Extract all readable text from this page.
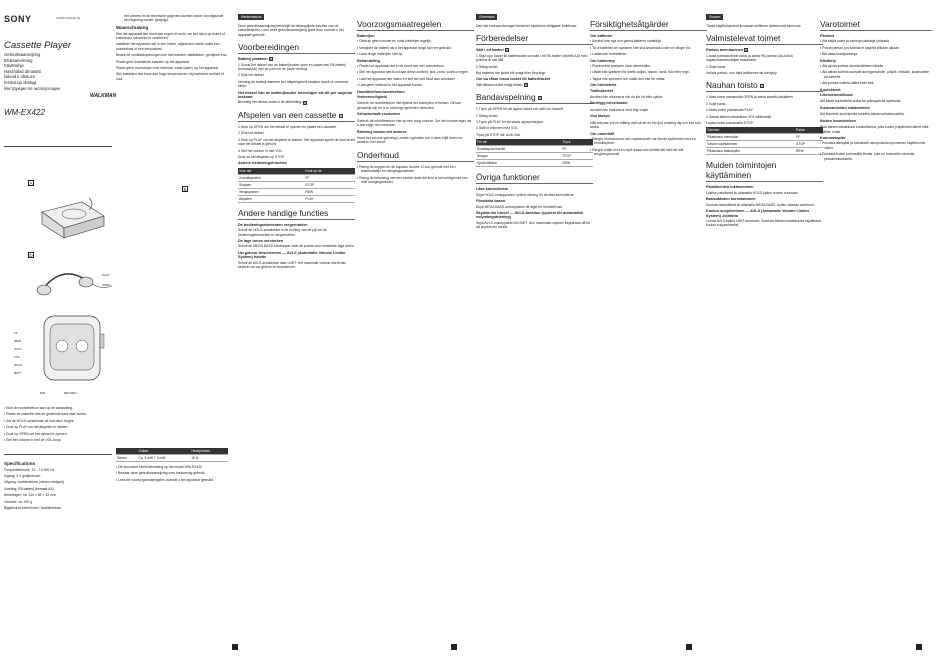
SONY	3-XXX-XXX-11 (1)
Cassette Player
Gebruiksaanwijzing
Bruksanvisning
Käyttöohje
Használati útmutató
Návod k obsluze
Instrukcja obsługi
Инструкция по эксплуатации
WALKMAN
WM-EX422
A
B
D
PLAY
OPEN
FF
REW
AVLS
VOL
HOLD
BATT
DIR	RETURN

• Sluit de hoofdtelefoon aan op de aansluiting.

• Plaats de cassette met de gewenste kant naar boven.

• Zet de HOLD-schakelaar uit voordat u begint.

• Druk op PLAY om het afspelen te starten.

• Druk op OPEN om het deksel te openen.

• Stel het volume in met de VOL-knop.

Specifications

Frequentiebereik: 70 – 14 000 Hz

Ingang: 3 V gelijkstroom

Uitgang: hoofdtelefoon (stereo minijack)

Voeding: R6-batterij (formaat AA)

Afmetingen: ca. 114 × 84 × 33 mm

Gewicht: ca. 200 g

Bijgeleverd toebehoren: hoofdtelefoon

Het ontwerp en de technische gegevens kunnen zonder voorafgaande kennisgeving worden gewijzigd.

Waarschuwing

Stel het apparaat niet bloot aan regen of vocht, om het risico op brand of elektrische schokken te verkleinen.

Installeer het apparaat niet in een kleine, afgesloten ruimte zoals een boekenkast of een inbouwkast.

Bedek de ventilatieopeningen niet met kranten, tafelkleden, gordijnen enz.

Plaats geen brandende kaarsen op het apparaat.

Plaats geen voorwerpen met vloeistof, zoals vazen, op het apparaat.

Stel batterijen niet bloot aan hoge temperaturen, bijvoorbeeld zonlicht of vuur.

	Output	Headphones
Stereo	Ca. 3 mW + 3 mW	16 Ω

• Dit document heeft betrekking op het model WM-EX422.

• Bewaar deze gebruiksaanwijzing voor toekomstig gebruik.

• Lees de voorzorgsmaatregelen voordat u het apparaat gebruikt.

Nederlands

Deze gebruiksaanwijzing beschrijft de belangrijkste functies van de cassettespeler. Lees deze gebruiksaanwijzing goed door voordat u het apparaat gebruikt.

Voorbereidingen
Batterij plaatsen A

1 Schuif het deksel van de batterijhouder open en plaats een R6-batterij (formaat AA) met de polen in de juiste richting.

2 Sluit het deksel.

Vervang de batterij wanneer het afspeelgeluid zwakker wordt of vervormd klinkt.

Het deksel van de batterijhouder bevestigen als dit per ongeluk loskomt

Bevestig het deksel zoals in de afbeelding. B

Afspelen van een cassette C

1 Druk op OPEN om het deksel te openen en plaats een cassette.

2 Sluit het deksel.

3 Druk op PLAY om het afspelen te starten. Het apparaat speelt de kant af die naar het deksel is gericht.

4 Stel het volume in met VOL.

Druk na het afspelen op STOP.

Andere bedieningsfuncties
Voor het	Druk op de
Vooruitspoelen	FF
Stoppen	STOP
Terugspoelen	REW
Afspelen	PLAY
Andere handige functies
De bedieningselementen vergrendelen

Schuif de HOLD-schakelaar in de richting van de pijl om de bedieningselementen te vergrendelen.

De lage tonen versterken

Schuif de MEGA BASS-schakelaar naar de positie voor versterkte lage tonen.

Uw gehoor beschermen — AVLS (Automatic Volume Limiter System) functie

Schuif de AVLS-schakelaar naar LIMIT. Het maximale volume wordt dan beperkt om uw gehoor te beschermen.

Voorzorgsmaatregelen
Batterijen

• Gebruik geen nieuwe en oude batterijen tegelijk.

• Verwijder de batterij als u het apparaat lange tijd niet gebruikt.

• Laad droge batterijen niet op.

Behandeling

• Plaats het apparaat niet in de buurt van een warmtebron.

• Stel het apparaat niet bloot aan direct zonlicht, stof, zand, vocht of regen.

• Laat het apparaat niet vallen en stel het niet bloot aan schokken.

• Laat geen vloeistof in het apparaat komen.

Hoofdtelefoon/oortelefoon

Verkeersveiligheid

Gebruik de hoofdtelefoon niet tijdens het autorijden of fietsen. Dit kan gevaarlijk zijn en is in sommige gebieden verboden.

Gehoorschade voorkomen

Gebruik de hoofdtelefoon niet op een hoog volume. Zet het volume lager als u last krijgt van oorsuizen.

Rekening houden met anderen

Houd het volume gematigd, zodat u geluiden om u heen blijft horen en anderen niet stoort.

Onderhoud

• Reinig de koppen en de capstan na elke 10 uur gebruik met een wattenstaafje en reinigingsvloeistof.

• Reinig de behuizing met een zachte doek die licht is bevochtigd met een mild reinigingsmiddel.

Svenska

Den här bruksanvisningen beskriver spelarens viktigaste funktioner.

Förberedelser
Sätt i ett batteri A

1 Skjut upp locket till batterifacket och sätt i ett R6-batteri (storlek AA) med polerna åt rätt håll.

2 Stäng locket.

Byt batteriet när ljudet blir svagt eller förvrängt.

Om du råkar lossa locket till batterifacket

Sätt tillbaka locket enligt bilden. B

Bandavspelning C

1 Tryck på OPEN för att öppna locket och sätt i en kassett.

2 Stäng locket.

3 Tryck på PLAY för att starta uppspelningen.

4 Ställ in volymen med VOL.

Tryck på STOP när du är klar.

För att	Tryck
Snabbspola framåt	FF
Stoppa	STOP
Spola tillbaka	REW
Övriga funktioner
Låsa kontrollerna

Skjut HOLD-omkopplaren i pilens riktning för att låsa kontrollerna.

Förstärka basen

Skjut MEGA BASS-omkopplaren till läget för förstärkt bas.

Skydda din hörsel — AVLS-funktion (system för automatisk volymbegränsning)

Skjut AVLS-omkopplaren till LIMIT. Den maximala volymen begränsas då för att skydda din hörsel.

Försiktighetsåtgärder
Om batterier

• Använd inte nya och gamla batterier samtidigt.

• Ta ut batteriet om spelaren inte ska användas under en längre tid.

• Ladda inte torrbatterier.

Om hantering

• Placera inte spelaren nära värmekällor.

• Utsätt inte spelaren för direkt solljus, damm, sand, fukt eller regn.

• Tappa inte spelaren och utsätt den inte för stötar.

Om hörlurarna

Trafiksäkerhet

Använd inte hörlurarna när du kör bil eller cyklar.

Förebygg hörselskador

Använd inte hörlurarna med hög volym.

Visa hänsyn

Håll volymen på en måttlig nivå så att du hör ljud omkring dig och inte stör andra.

Om underhåll

• Rengör tonhuvudena och capstanaxeln var tionde speltimme med en bomullspinne.

• Rengör höljet med en mjuk trasa som fuktats lätt med ett milt rengöringsmedel.

Suomi

Tässä käyttöohjeessa kuvataan soittimen tärkeimmät toiminnot.

Valmistelevat toimet
Paristo asentaminen A

1 Avaa paristokotelon kansi ja aseta R6-paristo (AA-koko) napaisuusmerkintöjen mukaisesti.

2 Sulje kansi.

Vaihda paristo, kun ääni heikkenee tai säröytyy.

Nauhan toisto C

1 Avaa kansi painamalla OPEN ja aseta kasetti paikalleen.

2 Sulje kansi.

3 Aloita toisto painamalla PLAY.

4 Säädä äänenvoimakkuus VOL-säätimellä.

Lopeta toisto painamalla STOP.

Toiminto	Paina
Pikakelaus eteenpäin	FF
Toiston lopettaminen	STOP
Pikakelaus taaksepäin	REW
Muiden toimintojen käyttäminen
Painikkeiden lukitseminen

Lukitse painikkeet liu'uttamalla HOLD-kytkin nuolen suuntaan.

Bassoäänten korostaminen

Korosta bassoääniä liu'uttamalla MEGA BASS -kytkin oikeaan asentoon.

Kuulon suojeleminen — AVLS (Automatic Volume Limiter System) -toiminto

Liu'uta AVLS-kytkin LIMIT-asentoon. Suurinta äänenvoimakkuutta rajoitetaan kuulon suojaamiseksi.

Varotoimet
Paristot

• Älä käytä uusia ja vanhoja paristoja yhdessä.

• Poista paristo, jos soitinta ei käytetä pitkään aikaan.

• Älä lataa kuivaparistoja.

Käsittely

• Älä sijoita soitinta lämmönlähteen lähelle.

• Älä altista soitinta suoralle auringonvalolle, pölylle, hiekalle, kosteudelle tai sateelle.

• Älä pudota soitinta äläkä kolhi sitä.

Kuulokkeet

Liikenneturvallisuus

Älä käytä kuulokkeita autoa tai polkupyörää ajaessasi.

Kuulovaurioiden ehkäiseminen

Älä kuuntele kuulokkeilla suurella äänenvoimakkuudella.

Muiden huomioiminen

Pidä äänenvoimakkuus kohtuullisena, jotta kuulet ympäristön äänet etkä häiritse muita.

Kunnossapito

• Puhdista äänipäät ja vetoakseli vanupuikolla kymmenen käyttötunnin välein.

• Puhdista kotelo pehmeällä liinalla, joka on kostutettu miedolla pesuaineliuoksella.
